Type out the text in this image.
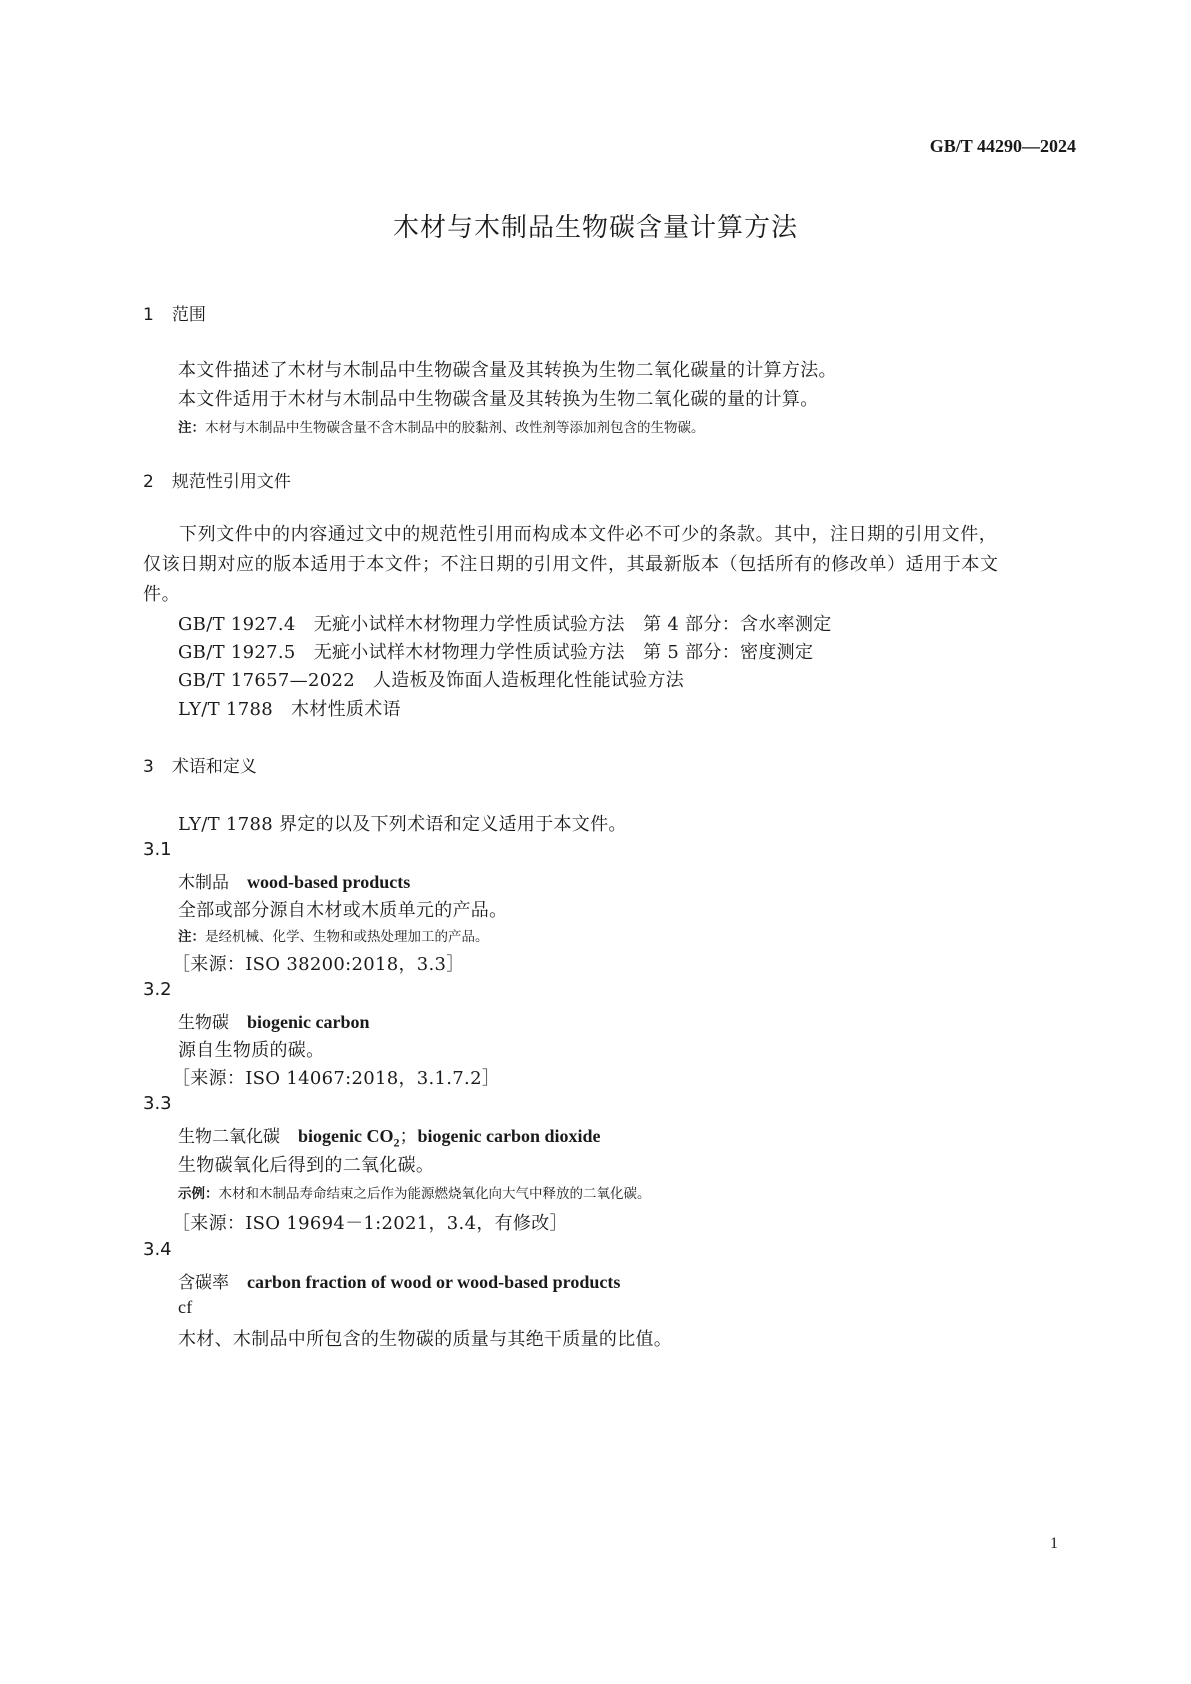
GB/T 44290—2024
木材与木制品生物碳含量计算方法
1 范围
本文件描述了木材与木制品中生物碳含量及其转换为生物二氧化碳量的计算方法。
本文件适用于木材与木制品中生物碳含量及其转换为生物二氧化碳的量的计算。
注：木材与木制品中生物碳含量不含木制品中的胶黏剂、改性剂等添加剂包含的生物碳。
2 规范性引用文件
下列文件中的内容通过文中的规范性引用而构成本文件必不可少的条款。其中，注日期的引用文件，仅该日期对应的版本适用于本文件；不注日期的引用文件，其最新版本（包括所有的修改单）适用于本文件。
GB/T 1927.4 无疵小试样木材物理力学性质试验方法　第 4 部分：含水率测定
GB/T 1927.5 无疵小试样木材物理力学性质试验方法　第 5 部分：密度测定
GB/T 17657—2022 人造板及饰面人造板理化性能试验方法
LY/T 1788 木材性质术语
3 术语和定义
LY/T 1788 界定的以及下列术语和定义适用于本文件。
3.1
木制品 wood-based products
全部或部分源自木材或木质单元的产品。
注：是经机械、化学、生物和或热处理加工的产品。
［来源：ISO 38200:2018，3.3］
3.2
生物碳 biogenic carbon
源自生物质的碳。
［来源：ISO 14067:2018，3.1.7.2］
3.3
生物二氧化碳 biogenic $CO_2$；biogenic carbon dioxide
生物碳氧化后得到的二氧化碳。
示例：木材和木制品寿命结束之后作为能源燃烧氧化向大气中释放的二氧化碳。
［来源：ISO 19694－1:2021，3.4，有修改］
3.4
含碳率 carbon fraction of wood or wood-based products
cf
木材、木制品中所包含的生物碳的质量与其绝干质量的比值。
1
